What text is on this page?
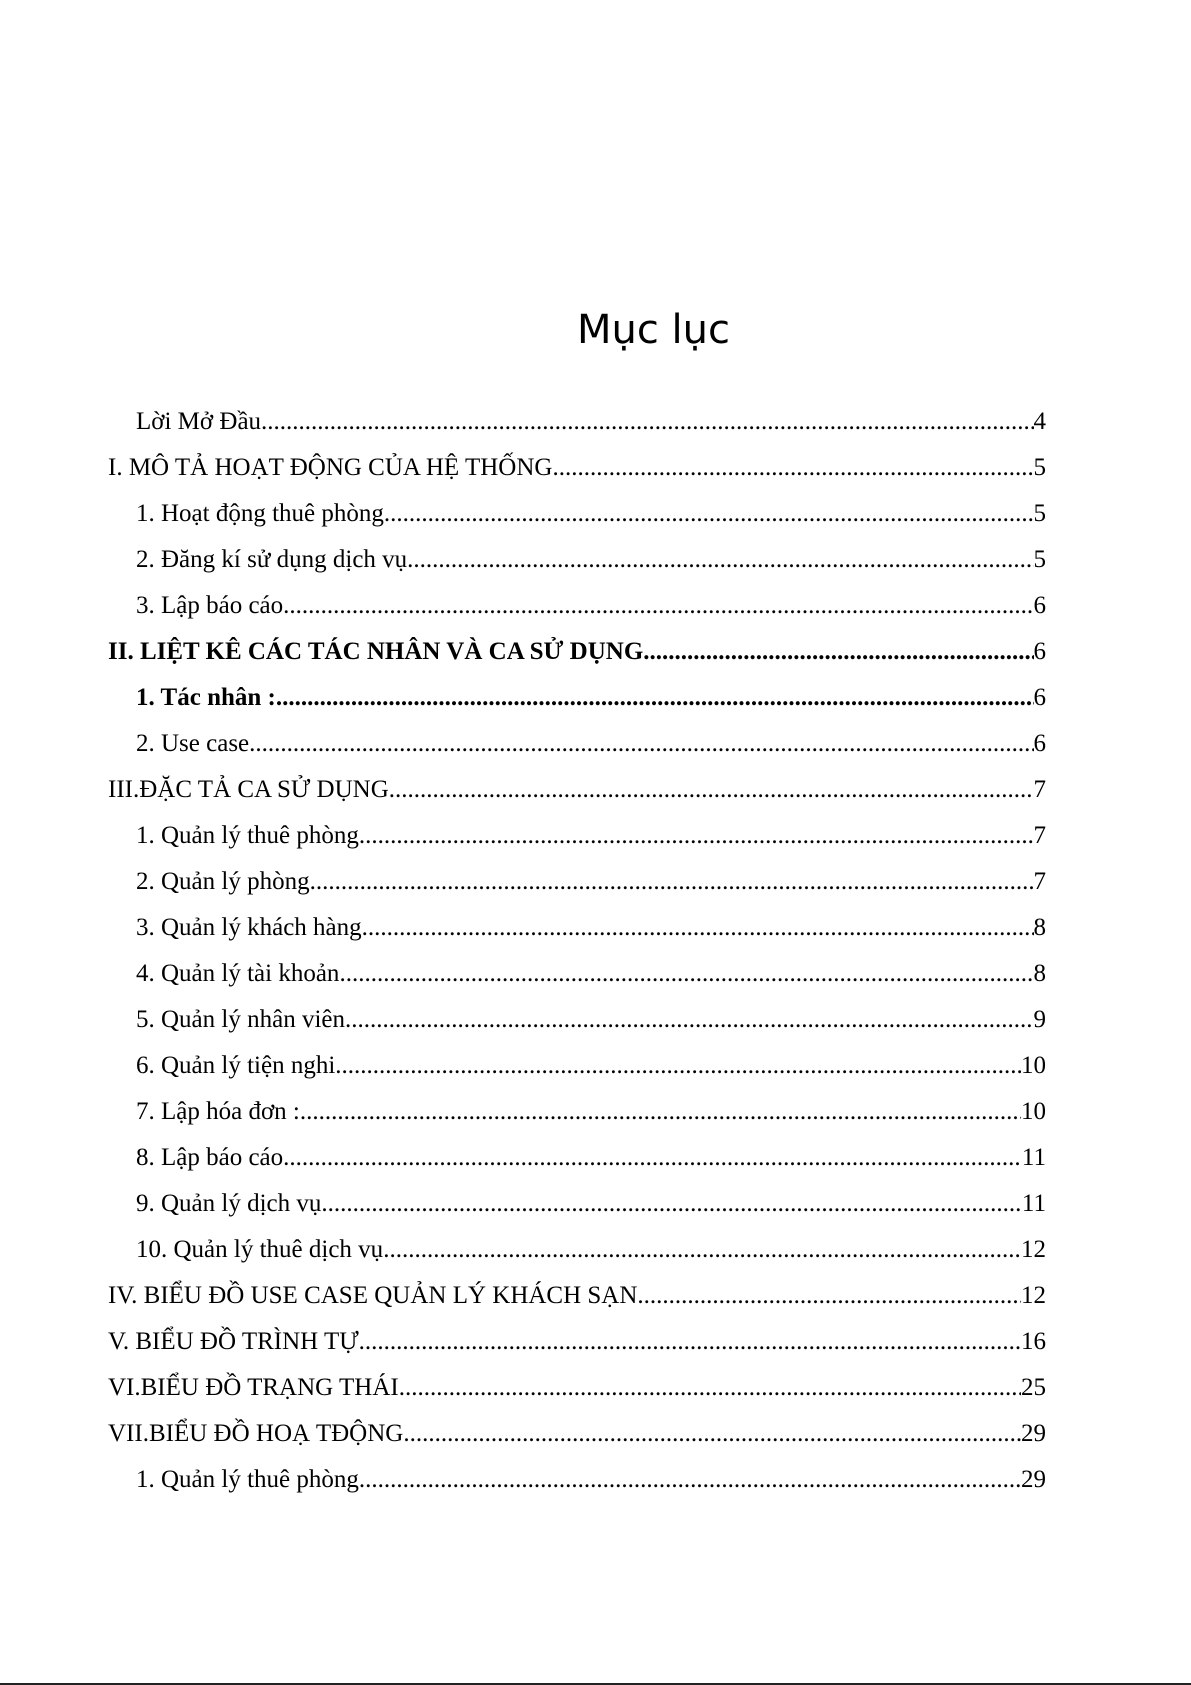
Mục lục
Lời Mở Đầu .....	4
I. MÔ TẢ HOẠT ĐỘNG CỦA HỆ THỐNG .....	5
1. Hoạt động thuê phòng .....	5
2. Đăng kí sử dụng dịch vụ .....	5
3. Lập báo cáo .....	6
II. LIỆT KÊ CÁC TÁC NHÂN VÀ CA SỬ DỤNG. .....	6
1. Tác nhân : .....	6
2. Use case .....	6
III.ĐẶC TẢ CA SỬ DỤNG .....	7
1. Quản lý thuê phòng .....	7
2. Quản lý phòng .....	7
3. Quản lý khách hàng .....	8
4. Quản lý tài khoản .....	8
5. Quản lý nhân viên .....	9
6. Quản lý tiện nghi .....	10
7. Lập hóa đơn : .....	10
8. Lập báo cáo .....	11
9. Quản lý dịch vụ .....	11
10. Quản lý thuê dịch vụ .....	12
IV. BIỂU ĐỒ USE CASE QUẢN LÝ KHÁCH SẠN .....	12
V. BIỂU ĐỒ TRÌNH TỰ .....	16
VI.BIỂU ĐỒ TRẠNG THÁI .....	25
VII.BIỂU ĐỒ HOẠ TĐỘNG .....	29
1. Quản lý thuê phòng .....	29
